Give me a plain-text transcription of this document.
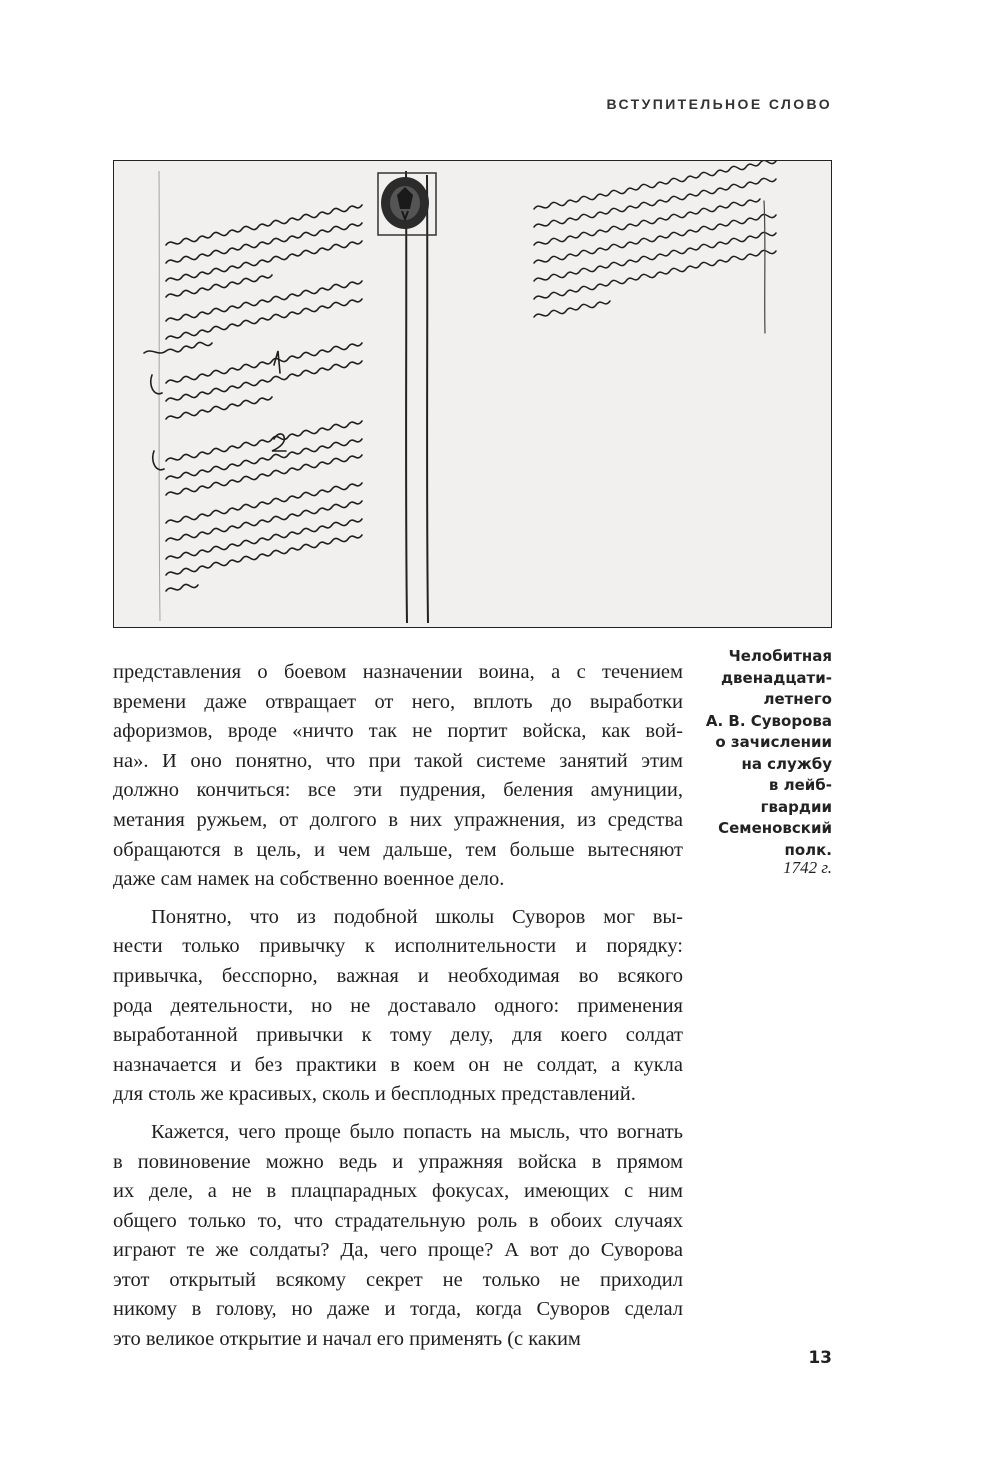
ВСТУПИТЕЛЬНОЕ СЛОВО
Челобитная
двенадцати-
летнего
А. В. Суворова
о зачислении
на службу
в лейб-
гвардии
Семеновский
полк.
1742 г.
представления о боевом назначении воина, а с течением
времени даже отвращает от него, вплоть до выработки
афоризмов, вроде «ничто так не портит войска, как вой-
на». И оно понятно, что при такой системе занятий этим
должно кончиться: все эти пудрения, беления амуниции,
метания ружьем, от долгого в них упражнения, из средства
обращаются в цель, и чем дальше, тем больше вытесняют
даже сам намек на собственно военное дело.
Понятно, что из подобной школы Суворов мог вы-
нести только привычку к исполнительности и порядку:
привычка, бесспорно, важная и необходимая во всякого
рода деятельности, но не доставало одного: применения
выработанной привычки к тому делу, для коего солдат
назначается и без практики в коем он не солдат, а кукла
для столь же красивых, сколь и бесплодных представлений.
Кажется, чего проще было попасть на мысль, что вогнать
в повиновение можно ведь и упражняя войска в прямом
их деле, а не в плацпарадных фокусах, имеющих с ним
общего только то, что страдательную роль в обоих случаях
играют те же солдаты? Да, чего проще? А вот до Суворова
этот открытый всякому секрет не только не приходил
никому в голову, но даже и тогда, когда Суворов сделал
это великое открытие и начал его применять (с каким
13
